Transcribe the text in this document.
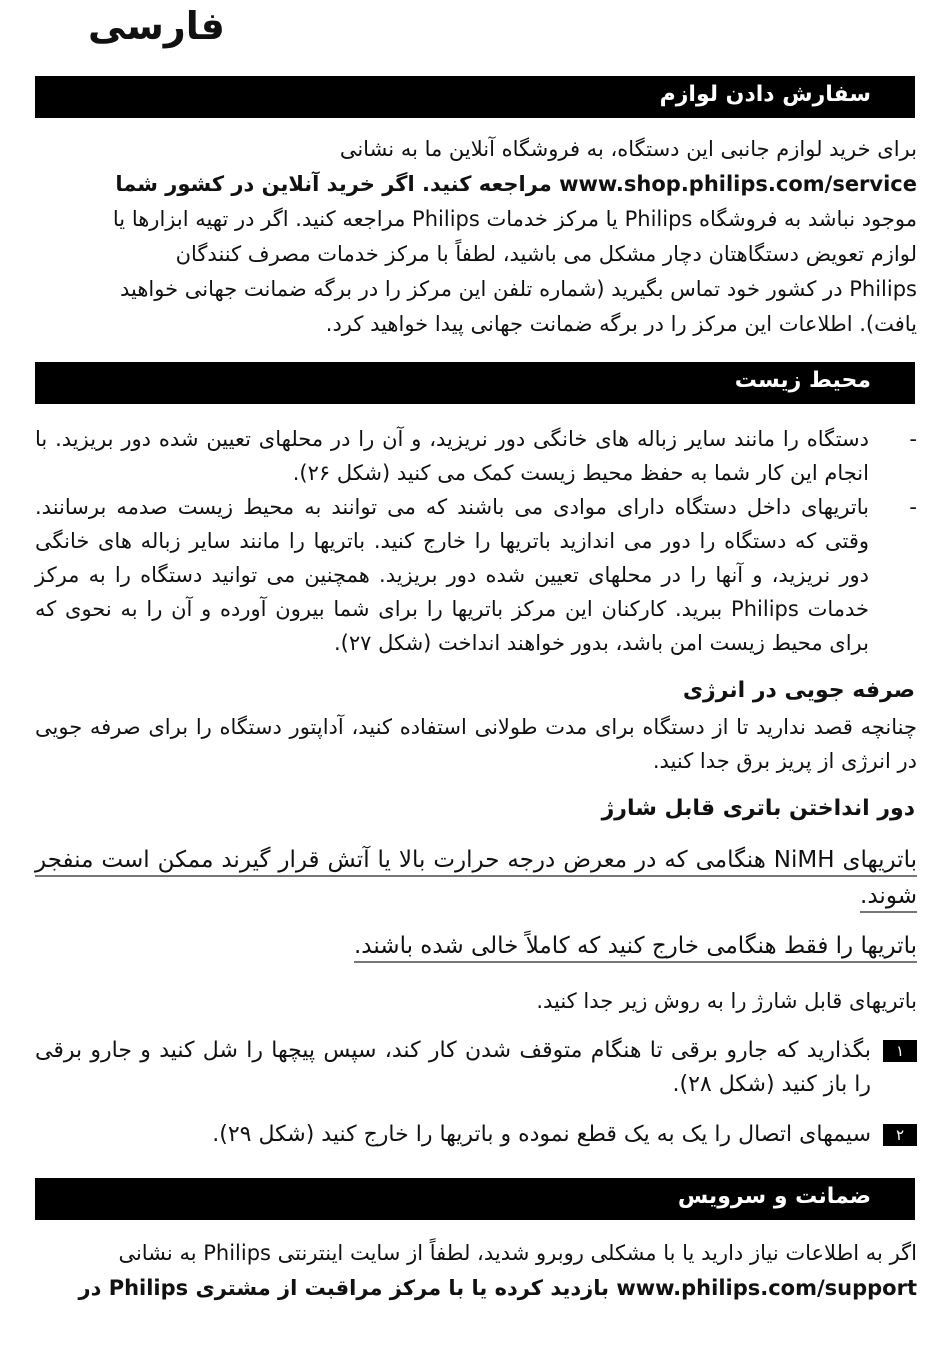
فارسی
سفارش دادن لوازم
برای خرید لوازم جانبی این دستگاه، به فروشگاه آنلاین ما به نشانی
www.shop.philips.com/service مراجعه کنید. اگر خرید آنلاین در کشور شما
موجود نباشد به فروشگاه Philips یا مرکز خدمات Philips مراجعه کنید. اگر در تهیه ابزارها یا
لوازم تعویض دستگاهتان دچار مشکل می باشید، لطفاً با مرکز خدمات مصرف کنندگان
Philips در کشور خود تماس بگیرید (شماره تلفن این مرکز را در برگه ضمانت جهانی خواهید
یافت). اطلاعات این مرکز را در برگه ضمانت جهانی پیدا خواهید کرد.
محیط زیست
-

دستگاه را مانند سایر زباله های خانگی دور نریزید، و آن را در محلهای تعیین شده دور بریزید. با انجام این کار شما به حفظ محیط زیست کمک می کنید (شکل ۲۶).

-

باتریهای داخل دستگاه دارای موادی می باشند که می توانند به محیط زیست صدمه برسانند. وقتی که دستگاه را دور می اندازید باتریها را خارج کنید. باتریها را مانند سایر زباله های خانگی دور نریزید، و آنها را در محلهای تعیین شده دور بریزید. همچنین می توانید دستگاه را به مرکز خدمات Philips ببرید. کارکنان این مرکز باتریها را برای شما بیرون آورده و آن را به نحوی که برای محیط زیست امن باشد، بدور خواهند انداخت (شکل ۲۷).

صرفه جویی در انرژی

چنانچه قصد ندارید تا از دستگاه برای مدت طولانی استفاده کنید، آداپتور دستگاه را برای صرفه جویی در انرژی از پریز برق جدا کنید.

دور انداختن باتری قابل شارژ

باتریهای NiMH هنگامی که در معرض درجه حرارت بالا یا آتش قرار گیرند ممکن است منفجر شوند.

باتریها را فقط هنگامی خارج کنید که کاملاً خالی شده باشند.

باتریهای قابل شارژ را به روش زیر جدا کنید.

۱

بگذارید که جارو برقی تا هنگام متوقف شدن کار کند، سپس پیچها را شل کنید و جارو برقی را باز کنید (شکل ۲۸).

۲

سیمهای اتصال را یک به یک قطع نموده و باتریها را خارج کنید (شکل ۲۹).

ضمانت و سرویس
اگر به اطلاعات نیاز دارید یا با مشکلی روبرو شدید، لطفاً از سایت اینترنتی Philips به نشانی
www.philips.com/support بازدید کرده یا با مرکز مراقبت از مشتری Philips در
